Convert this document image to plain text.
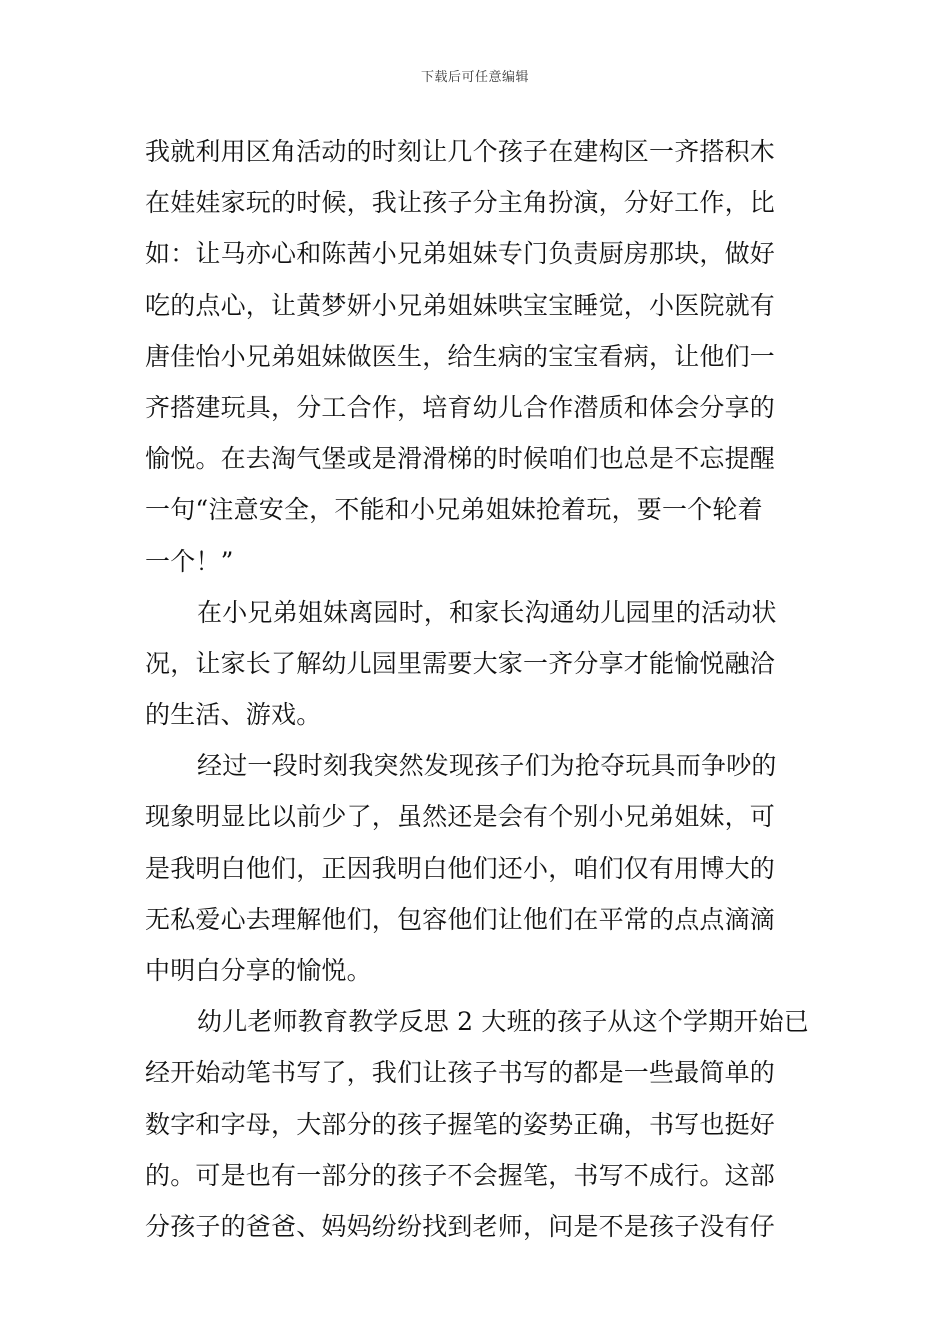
下载后可任意编辑
我就利用区角活动的时刻让几个孩子在建构区一齐搭积木
在娃娃家玩的时候，我让孩子分主角扮演，分好工作，比
如：让马亦心和陈茜小兄弟姐妹专门负责厨房那块，做好
吃的点心，让黄梦妍小兄弟姐妹哄宝宝睡觉，小医院就有
唐佳怡小兄弟姐妹做医生，给生病的宝宝看病，让他们一
齐搭建玩具，分工合作，培育幼儿合作潜质和体会分享的
愉悦。在去淘气堡或是滑滑梯的时候咱们也总是不忘提醒
一句“注意安全，不能和小兄弟姐妹抢着玩，要一个轮着
一个！”
在小兄弟姐妹离园时，和家长沟通幼儿园里的活动状
况，让家长了解幼儿园里需要大家一齐分享才能愉悦融洽
的生活、游戏。
经过一段时刻我突然发现孩子们为抢夺玩具而争吵的
现象明显比以前少了，虽然还是会有个别小兄弟姐妹，可
是我明白他们，正因我明白他们还小，咱们仅有用博大的
无私爱心去理解他们，包容他们让他们在平常的点点滴滴
中明白分享的愉悦。
幼儿老师教育教学反思 2 大班的孩子从这个学期开始已
经开始动笔书写了，我们让孩子书写的都是一些最简单的
数字和字母，大部分的孩子握笔的姿势正确，书写也挺好
的。可是也有一部分的孩子不会握笔，书写不成行。这部
分孩子的爸爸、妈妈纷纷找到老师，问是不是孩子没有仔
